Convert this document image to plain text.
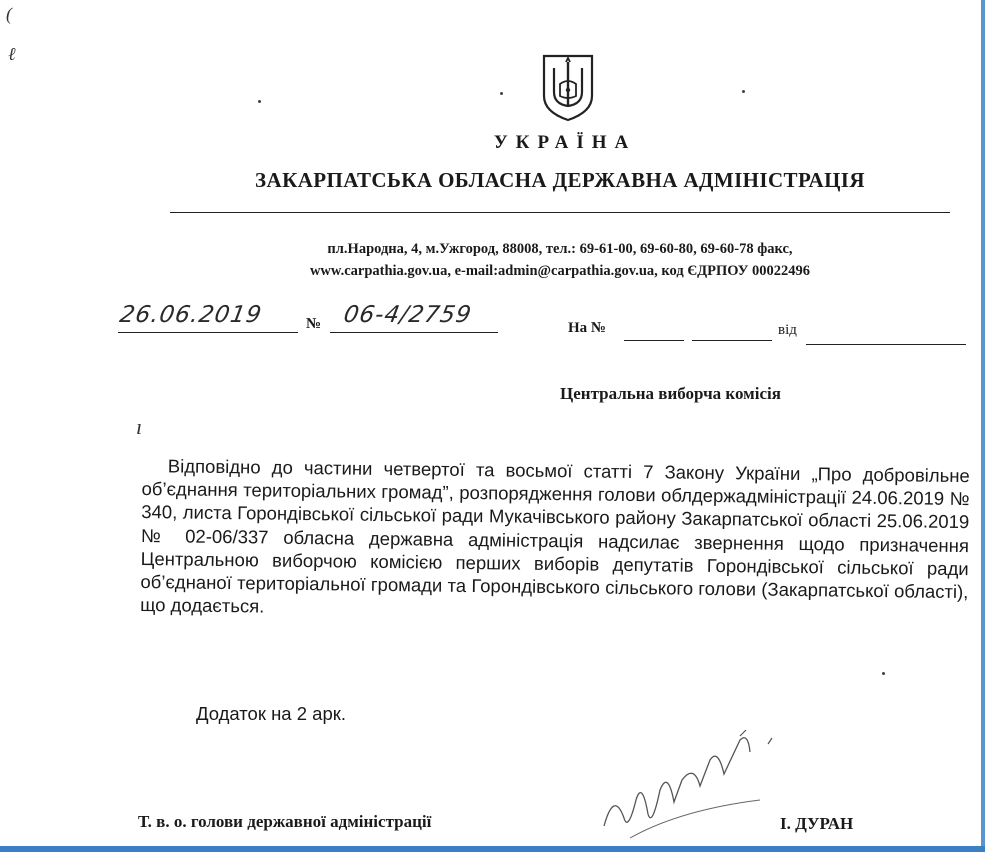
(
ℓ
ı
УКРАЇНА
ЗАКАРПАТСЬКА ОБЛАСНА ДЕРЖАВНА АДМІНІСТРАЦІЯ
пл.Народна, 4, м.Ужгород, 88008, тел.: 69-61-00, 69-60-80, 69-60-78 факс,
www.carpathia.gov.ua, e-mail:admin@carpathia.gov.ua, код ЄДРПОУ 00022496
26.06.2019	№ 06-4/2759	На №	від
Центральна виборча комісія

Відповідно до частини четвертої та восьмої статті 7 Закону України „Про добровільне об’єднання територіальних громад”, розпорядження голови облдержадміністрації 24.06.2019 № 340, листа Горондівської сільської ради Мукачівського району Закарпатської області 25.06.2019 № 02-06/337 обласна державна адміністрація надсилає звернення щодо призначення Центральною виборчою комісією перших виборів депутатів Горондівської сільської ради об’єднаної територіальної громади та Горондівського сільського голови (Закарпатської області), що додається.

Додаток на 2 арк.
Т. в. о. голови державної адміністрації	І. ДУРАН
